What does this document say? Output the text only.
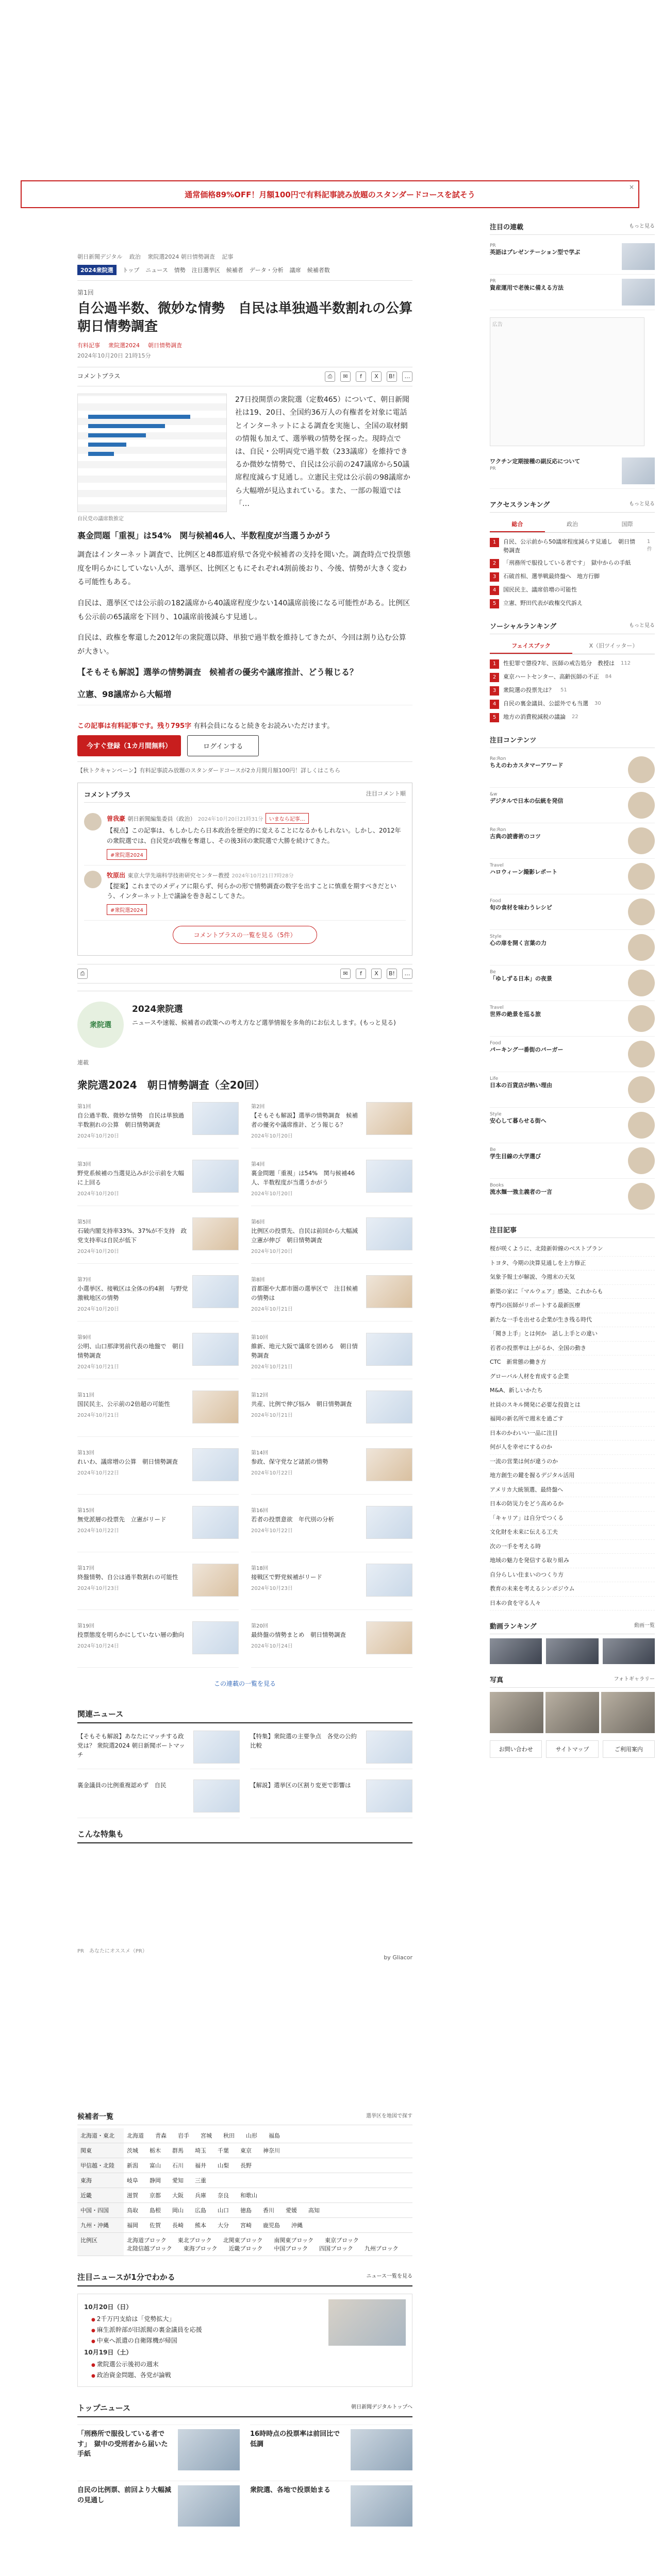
通常価格89%OFF！月額100円で有料記事読み放題のスタンダードコースを試そう
×
朝日新聞デジタル 政治 衆院選2024 朝日情勢調査 記事
2024衆院選	トップ ニュース 情勢 注目選挙区 候補者 データ・分析 議席 候補者数
第1回
自公過半数、微妙な情勢　自民は単独過半数割れの公算　朝日情勢調査
有料記事 衆院選2024 朝日情勢調査
2024年10月20日 21時15分
コメントプラス	⎙	✉	f	X	B!	…
自民党の議席数推定

27日投開票の衆院選（定数465）について、朝日新聞社は19、20日、全国約36万人の有権者を対象に電話とインターネットによる調査を実施し、全国の取材網の情報も加えて、選挙戦の情勢を探った。現時点では、自民・公明両党で過半数（233議席）を維持できるか微妙な情勢で、自民は公示前の247議席から50議席程度減らす見通し。立憲民主党は公示前の98議席から大幅増が見込まれている。また、一部の報道では「…

裏金問題「重視」は54%　関与候補46人、半数程度が当選うかがう

調査はインターネット調査で、比例区と48都道府県で各党や候補者の支持を聞いた。調査時点で投票態度を明らかにしていない人が、選挙区、比例区ともにそれぞれ4割前後おり、今後、情勢が大きく変わる可能性もある。

自民は、選挙区では公示前の182議席から40議席程度少ない140議席前後になる可能性がある。比例区も公示前の65議席を下回り、10議席前後減らす見通し。

自民は、政権を奪還した2012年の衆院選以降、単独で過半数を維持してきたが、今回は割り込む公算が大きい。

【そもそも解説】選挙の情勢調査　候補者の優劣や議席推計、どう報じる？
立憲、98議席から大幅増

この記事は有料記事です。残り795字 有料会員になると続きをお読みいただけます。

今すぐ登録（1カ月間無料）	ログインする
【秋トクキャンペーン】有料記事読み放題のスタンダードコースが2カ月間月額100円！詳しくはこちら
コメントプラス	注目コメント順
曽我豪 朝日新聞編集委員（政治） 2024年10月20日21時31分 いまなら記事…
【視点】この記事は、もしかしたら日本政治を歴史的に変えることになるかもしれない。しかし、2012年の衆院選では、自民党が政権を奪還し、その後3回の衆院選で大勝を続けてきた。
#衆院選2024
牧原出 東京大学先端科学技術研究センター教授 2024年10月21日7時28分
【提案】これまでのメディアに限らず、何らかの形で情勢調査の数字を出すことに慎重を期すべきだという、インターネット上で議論を巻き起こしてきた。
#衆院選2024
コメントプラスの一覧を見る（5件）
⎙	✉	f	X	B!	…
衆院選
2024衆院選
ニュースや速報、候補者の政策への考え方など選挙情報を多角的にお伝えします。(もっと見る)
連載
衆院選2024　朝日情勢調査（全20回）
第1回
自公過半数、微妙な情勢　自民は単独過半数割れの公算　朝日情勢調査
2024年10月20日
第2回
【そもそも解説】選挙の情勢調査　候補者の優劣や議席推計、どう報じる？
2024年10月20日
第3回
野党系候補の当選見込みが公示前を大幅に上回る
2024年10月20日
第4回
裏金問題「重視」は54%　関与候補46人、半数程度が当選うかがう
2024年10月20日
第5回
石破内閣支持率33%、37%が不支持　政党支持率は自民が低下
2024年10月20日
第6回
比例区の投票先、自民は前回から大幅減　立憲が伸び　朝日情勢調査
2024年10月20日
第7回
小選挙区、接戦区は全体の約4割　与野党激戦地区の情勢
2024年10月20日
第8回
首都圏や大都市圏の選挙区で　注目候補の情勢は
2024年10月21日
第9回
公明、山口那津男前代表の地盤で　朝日情勢調査
2024年10月21日
第10回
維新、地元大阪で議席を固める　朝日情勢調査
2024年10月21日
第11回
国民民主、公示前の2倍超の可能性
2024年10月21日
第12回
共産、比例で伸び悩み　朝日情勢調査
2024年10月21日
第13回
れいわ、議席増の公算　朝日情勢調査
2024年10月22日
第14回
参政、保守党など諸派の情勢
2024年10月22日
第15回
無党派層の投票先　立憲がリード
2024年10月22日
第16回
若者の投票意欲　年代別の分析
2024年10月22日
第17回
終盤情勢、自公は過半数割れの可能性
2024年10月23日
第18回
接戦区で野党候補がリード
2024年10月23日
第19回
投票態度を明らかにしていない層の動向
2024年10月24日
第20回
最終盤の情勢まとめ　朝日情勢調査
2024年10月24日
この連載の一覧を見る
関連ニュース
【そもそも解説】あなたにマッチする政党は？ 衆院選2024 朝日新聞ボートマッチ
【特集】衆院選の主要争点　各党の公約比較
裏金議員の比例重複認めず　自民	【解説】選挙区の区割り変更で影響は
こんな特集も
PR　あなたにオススメ（PR）
by Gliacor
候補者一覧	選挙区を地図で探す
北海道・東北	北海道 青森 岩手 宮城 秋田 山形 福島
関東	茨城 栃木 群馬 埼玉 千葉 東京 神奈川
甲信越・北陸	新潟 富山 石川 福井 山梨 長野
東海	岐阜 静岡 愛知 三重
近畿	滋賀 京都 大阪 兵庫 奈良 和歌山
中国・四国	鳥取 島根 岡山 広島 山口 徳島 香川 愛媛 高知
九州・沖縄	福岡 佐賀 長崎 熊本 大分 宮崎 鹿児島 沖縄
比例区	北海道ブロック 東北ブロック 北関東ブロック 南関東ブロック 東京ブロック
北陸信越ブロック 東海ブロック 近畿ブロック 中国ブロック 四国ブロック 九州ブロック
注目ニュースが1分でわかる	ニュース一覧を見る
10月20日（日）
● 2千万円支給は「党勢拡大」
● 麻生派幹部が旧派閥の裏金議員を応援
● 中東へ派遣の自衛隊機が帰国
10月19日（土）
● 衆院選公示後初の週末
● 政治資金問題、各党が論戦
トップニュース	朝日新聞デジタルトップへ
「刑務所で服役している者です」　獄中の受刑者から届いた手紙
16時時点の投票率は前回比で低調
自民の比例票、前回より大幅減の見通し
衆院選、各地で投票始まる
注目の連載	もっと見る
PR
英語はプレゼンテーション型で学ぶ
PR
資産運用で老後に備える方法
広告
ワクチン定期接種の副反応について
PR
アクセスランキング	もっと見る
総合	政治	国際
1	自民、公示前から50議席程度減らす見通し　朝日情勢調査
1件
2	「刑務所で服役している者です」　獄中からの手紙
3	石破首相、選挙戦最終盤へ　地方行脚
4	国民民主、議席倍増の可能性
5	立憲、野田代表が政権交代訴え
ソーシャルランキング	もっと見る
フェイスブック	X（旧ツイッター）
1	性犯罪で懲役7年、医師の戒告処分　教授は 112
2	東京ハートセンター、高齢医師の不正 84
3	衆院選の投票先は？ 51
4	自民の裏金議員、公認外でも当選 30
5	地方の消費税減税の議論 22
注目コンテンツ
Re:Ron
ちえのわカスタマーアワード
&w
デジタルで日本の伝統を発信
Re:Ron
古典の読書術のコツ
Travel
ハロウィーン撮影レポート
Food
旬の食材を味わうレシピ
Style
心の扉を開く言葉の力
Be
「ゆしずる日本」の夜景
Travel
世界の絶景を巡る旅
Food
パーキング一番街のバーガー
Life
日本の百貨店が熱い理由
Style
安心して暮らせる街へ
Be
学生目線の大学選び
Books
流水麺一強主義者の一言
注目記事
桜が咲くように、北陸新幹線のベストプラン
トヨタ、今期の決算見通しを上方修正
気象予報士が解説、今週末の天気
新築の家に「マルウェア」感染、これからも
専門の医師がリポートする最新医療
新たな一手を出せる企業が生き残る時代
「聞き上手」とは何か　話し上手との違い
若者の投票率は上がるか、全国の動き
CTC　新常態の働き方
グローバル人材を育成する企業
M&A、新しいかたち
社員のスキル開発に必要な投資とは
福岡の新名所で週末を過ごす
日本のかわいい一品に注目
何が人を幸せにするのか
一流の営業は何が違うのか
地方創生の鍵を握るデジタル活用
アメリカ大統領選、最終盤へ
日本の防災力をどう高めるか
「キャリア」は自分でつくる
文化財を未来に伝える工夫
次の一手を考える時
地域の魅力を発信する取り組み
自分らしい住まいのつくり方
教育の未来を考えるシンポジウム
日本の食を守る人々
動画ランキング	動画一覧
写真	フォトギャラリー
お問い合わせ	サイトマップ	ご利用案内
